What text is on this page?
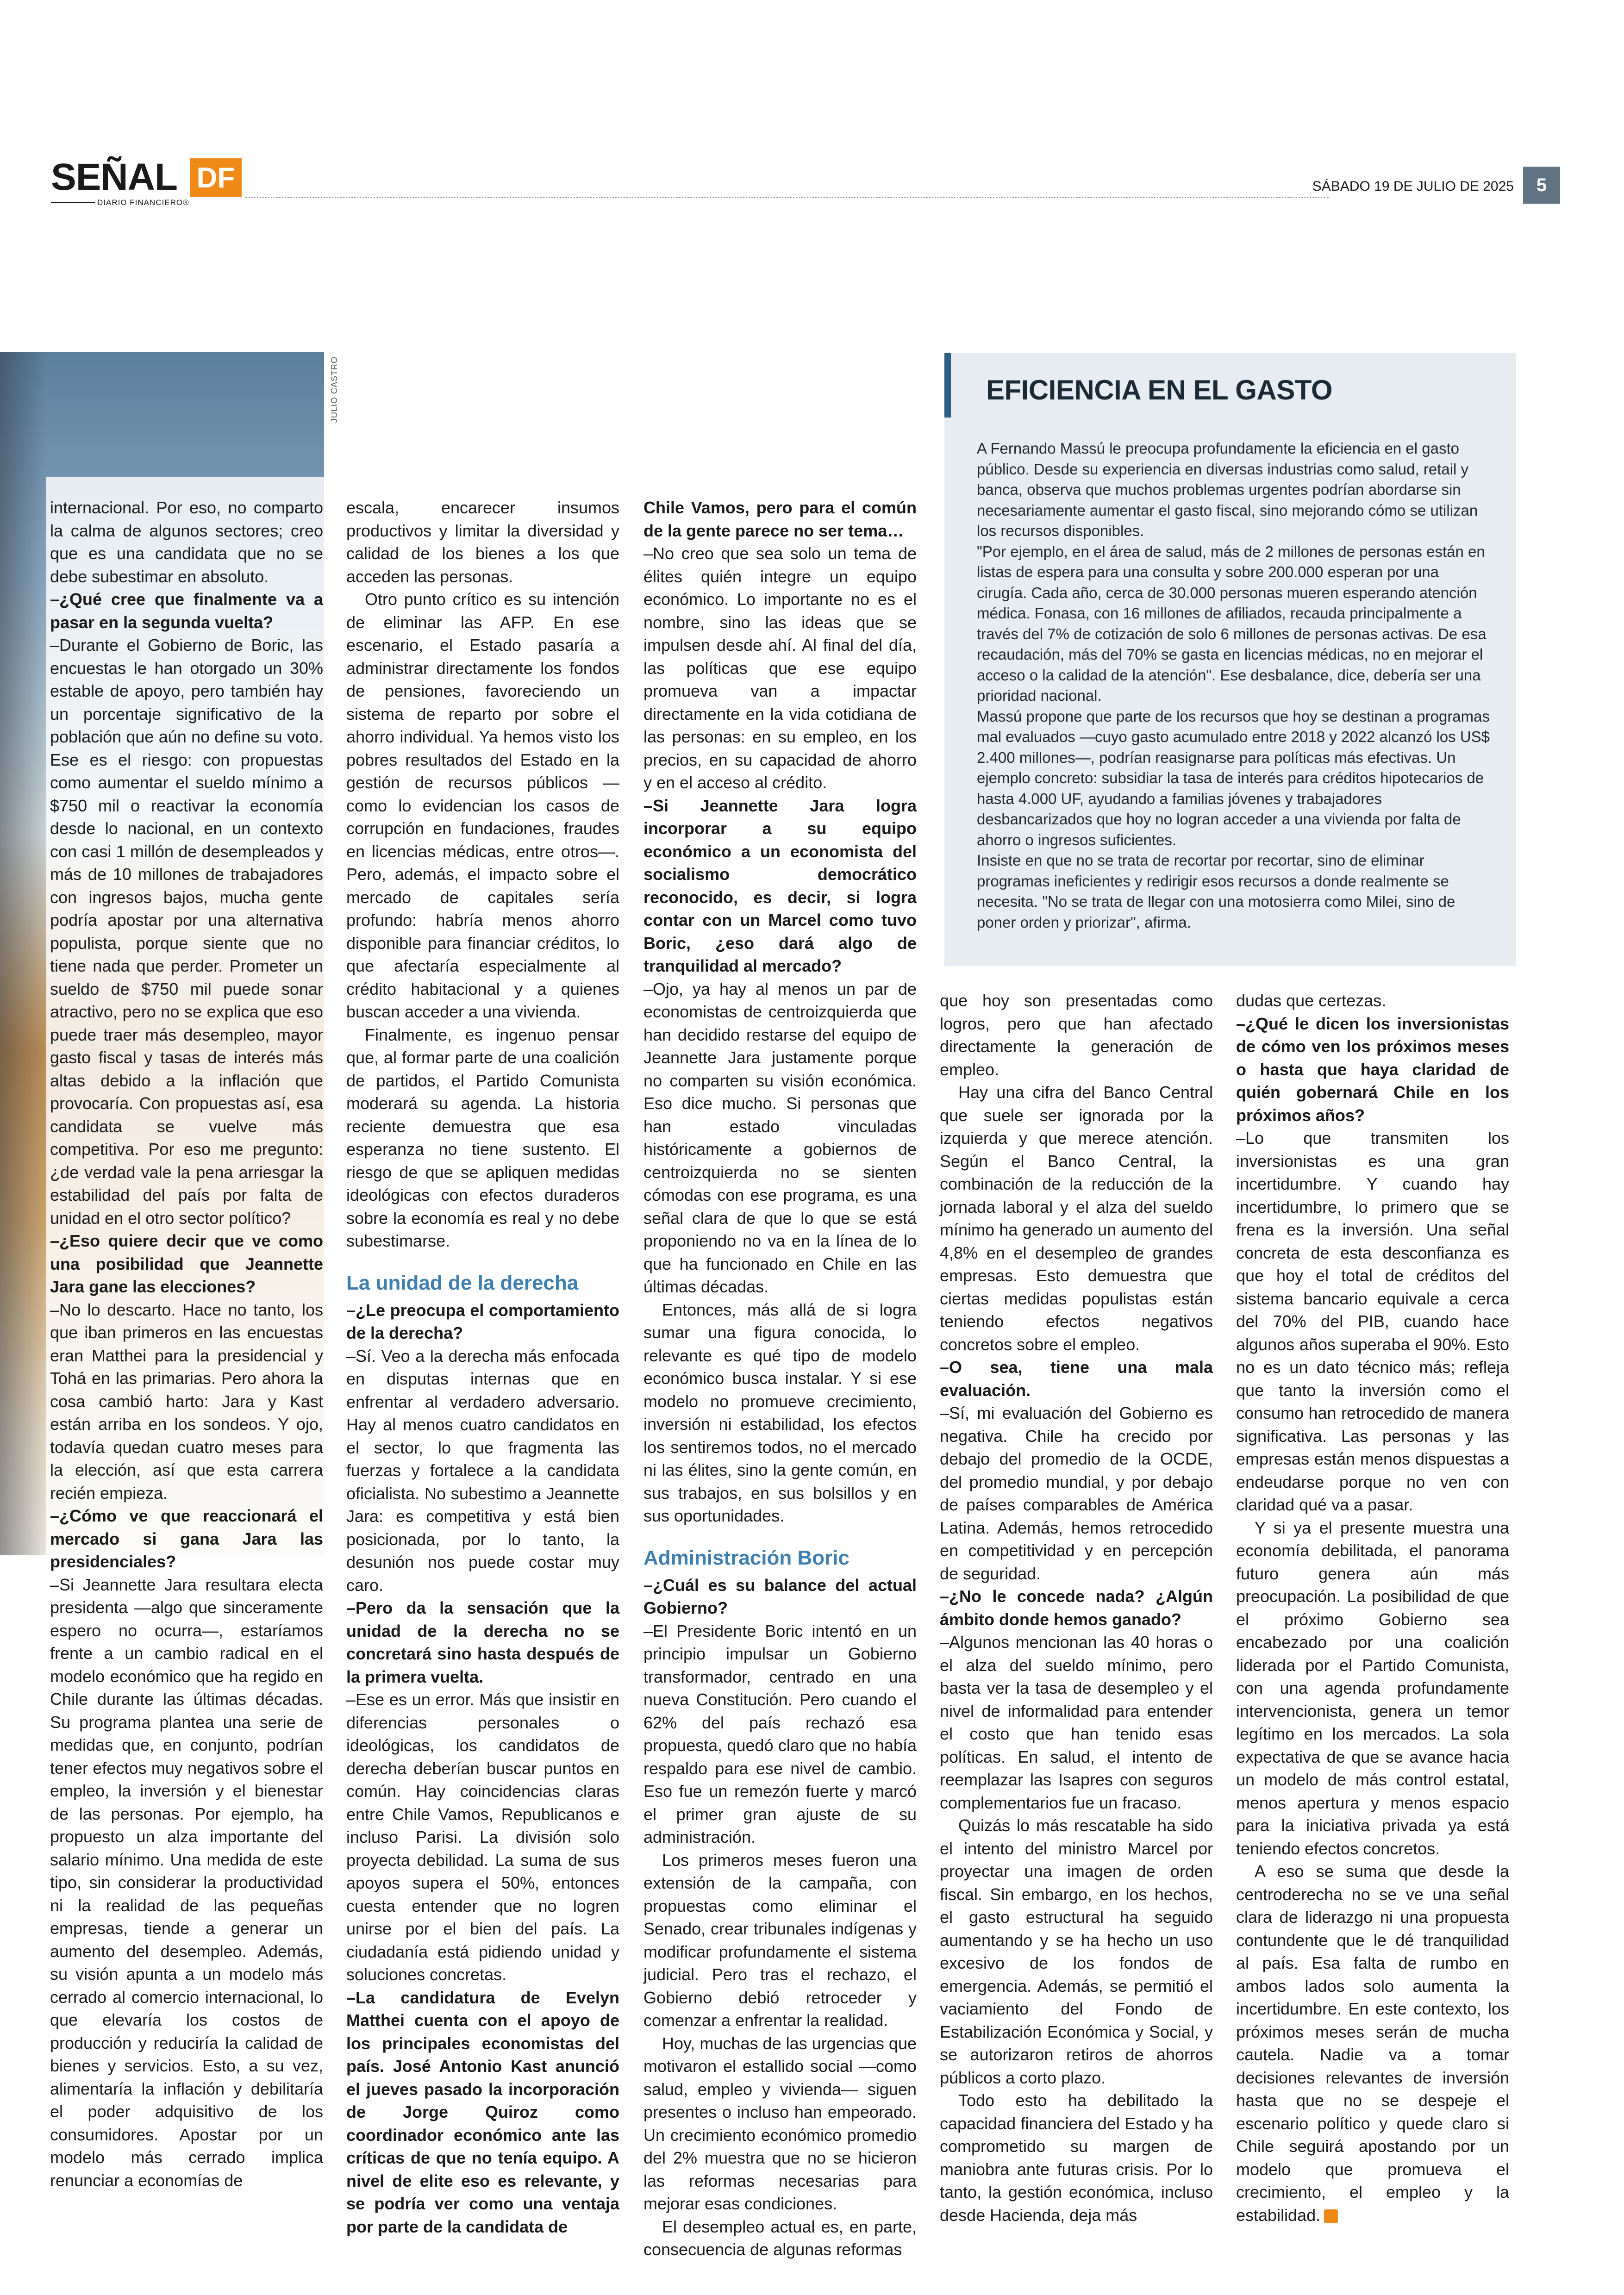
SEÑAL DF
DIARIO FINANCIERO®
SÁBADO 19 DE JULIO DE 2025	5
JULIO CASTRO

internacional. Por eso, no comparto la calma de algunos sectores; creo que es una candidata que no se debe subestimar en absoluto.

–¿Qué cree que finalmente va a pasar en la segunda vuelta?

–Durante el Gobierno de Boric, las encuestas le han otorgado un 30% estable de apoyo, pero también hay un porcentaje significativo de la población que aún no define su voto. Ese es el riesgo: con propuestas como aumentar el sueldo mínimo a $750 mil o reactivar la economía desde lo nacional, en un contexto con casi 1 millón de desempleados y más de 10 millones de trabajadores con ingresos bajos, mucha gente podría apostar por una alternativa populista, porque siente que no tiene nada que perder. Prometer un sueldo de $750 mil puede sonar atractivo, pero no se explica que eso puede traer más desempleo, mayor gasto fiscal y tasas de interés más altas debido a la inflación que provocaría. Con propuestas así, esa candidata se vuelve más competitiva. Por eso me pregunto: ¿de verdad vale la pena arriesgar la estabilidad del país por falta de unidad en el otro sector político?

–¿Eso quiere decir que ve como una posibilidad que Jeannette Jara gane las elecciones?

–No lo descarto. Hace no tanto, los que iban primeros en las encuestas eran Matthei para la presidencial y Tohá en las primarias. Pero ahora la cosa cambió harto: Jara y Kast están arriba en los sondeos. Y ojo, todavía quedan cuatro meses para la elección, así que esta carrera recién empieza.

–¿Cómo ve que reaccionará el mercado si gana Jara las presidenciales?

–Si Jeannette Jara resultara electa presidenta —algo que sinceramente espero no ocurra—, estaríamos frente a un cambio radical en el modelo económico que ha regido en Chile durante las últimas décadas. Su programa plantea una serie de medidas que, en conjunto, podrían tener efectos muy negativos sobre el empleo, la inversión y el bienestar de las personas. Por ejemplo, ha propuesto un alza importante del salario mínimo. Una medida de este tipo, sin considerar la productividad ni la realidad de las pequeñas empresas, tiende a generar un aumento del desempleo. Además, su visión apunta a un modelo más cerrado al comercio internacional, lo que elevaría los costos de producción y reduciría la calidad de bienes y servicios. Esto, a su vez, alimentaría la inflación y debilitaría el poder adquisitivo de los consumidores. Apostar por un modelo más cerrado implica renunciar a economías de

escala, encarecer insumos productivos y limitar la diversidad y calidad de los bienes a los que acceden las personas.

Otro punto crítico es su intención de eliminar las AFP. En ese escenario, el Estado pasaría a administrar directamente los fondos de pensiones, favoreciendo un sistema de reparto por sobre el ahorro individual. Ya hemos visto los pobres resultados del Estado en la gestión de recursos públicos —como lo evidencian los casos de corrupción en fundaciones, fraudes en licencias médicas, entre otros—. Pero, además, el impacto sobre el mercado de capitales sería profundo: habría menos ahorro disponible para financiar créditos, lo que afectaría especialmente al crédito habitacional y a quienes buscan acceder a una vivienda.

Finalmente, es ingenuo pensar que, al formar parte de una coalición de partidos, el Partido Comunista moderará su agenda. La historia reciente demuestra que esa esperanza no tiene sustento. El riesgo de que se apliquen medidas ideológicas con efectos duraderos sobre la economía es real y no debe subestimarse.

La unidad de la derecha

–¿Le preocupa el comportamiento de la derecha?

–Sí. Veo a la derecha más enfocada en disputas internas que en enfrentar al verdadero adversario. Hay al menos cuatro candidatos en el sector, lo que fragmenta las fuerzas y fortalece a la candidata oficialista. No subestimo a Jeannette Jara: es competitiva y está bien posicionada, por lo tanto, la desunión nos puede costar muy caro.

–Pero da la sensación que la unidad de la derecha no se concretará sino hasta después de la primera vuelta.

–Ese es un error. Más que insistir en diferencias personales o ideológicas, los candidatos de derecha deberían buscar puntos en común. Hay coincidencias claras entre Chile Vamos, Republicanos e incluso Parisi. La división solo proyecta debilidad. La suma de sus apoyos supera el 50%, entonces cuesta entender que no logren unirse por el bien del país. La ciudadanía está pidiendo unidad y soluciones concretas.

–La candidatura de Evelyn Matthei cuenta con el apoyo de los principales economistas del país. José Antonio Kast anunció el jueves pasado la incorporación de Jorge Quiroz como coordinador económico ante las críticas de que no tenía equipo. A nivel de elite eso es relevante, y se podría ver como una ventaja por parte de la candidata de

Chile Vamos, pero para el común de la gente parece no ser tema…

–No creo que sea solo un tema de élites quién integre un equipo económico. Lo importante no es el nombre, sino las ideas que se impulsen desde ahí. Al final del día, las políticas que ese equipo promueva van a impactar directamente en la vida cotidiana de las personas: en su empleo, en los precios, en su capacidad de ahorro y en el acceso al crédito.

–Si Jeannette Jara logra incorporar a su equipo económico a un economista del socialismo democrático reconocido, es decir, si logra contar con un Marcel como tuvo Boric, ¿eso dará algo de tranquilidad al mercado?

–Ojo, ya hay al menos un par de economistas de centroizquierda que han decidido restarse del equipo de Jeannette Jara justamente porque no comparten su visión económica. Eso dice mucho. Si personas que han estado vinculadas históricamente a gobiernos de centroizquierda no se sienten cómodas con ese programa, es una señal clara de que lo que se está proponiendo no va en la línea de lo que ha funcionado en Chile en las últimas décadas.

Entonces, más allá de si logra sumar una figura conocida, lo relevante es qué tipo de modelo económico busca instalar. Y si ese modelo no promueve crecimiento, inversión ni estabilidad, los efectos los sentiremos todos, no el mercado ni las élites, sino la gente común, en sus trabajos, en sus bolsillos y en sus oportunidades.

Administración Boric

–¿Cuál es su balance del actual Gobierno?

–El Presidente Boric intentó en un principio impulsar un Gobierno transformador, centrado en una nueva Constitución. Pero cuando el 62% del país rechazó esa propuesta, quedó claro que no había respaldo para ese nivel de cambio. Eso fue un remezón fuerte y marcó el primer gran ajuste de su administración.

Los primeros meses fueron una extensión de la campaña, con propuestas como eliminar el Senado, crear tribunales indígenas y modificar profundamente el sistema judicial. Pero tras el rechazo, el Gobierno debió retroceder y comenzar a enfrentar la realidad.

Hoy, muchas de las urgencias que motivaron el estallido social —como salud, empleo y vivienda— siguen presentes o incluso han empeorado. Un crecimiento económico promedio del 2% muestra que no se hicieron las reformas necesarias para mejorar esas condiciones.

El desempleo actual es, en parte, consecuencia de algunas reformas

EFICIENCIA EN EL GASTO

A Fernando Massú le preocupa profundamente la eficiencia en el gasto público. Desde su experiencia en diversas industrias como salud, retail y banca, observa que muchos problemas urgentes podrían abordarse sin necesariamente aumentar el gasto fiscal, sino mejorando cómo se utilizan los recursos disponibles.

"Por ejemplo, en el área de salud, más de 2 millones de personas están en listas de espera para una consulta y sobre 200.000 esperan por una cirugía. Cada año, cerca de 30.000 personas mueren esperando atención médica. Fonasa, con 16 millones de afiliados, recauda principalmente a través del 7% de cotización de solo 6 millones de personas activas. De esa recaudación, más del 70% se gasta en licencias médicas, no en mejorar el acceso o la calidad de la atención". Ese desbalance, dice, debería ser una prioridad nacional.

Massú propone que parte de los recursos que hoy se destinan a programas mal evaluados —cuyo gasto acumulado entre 2018 y 2022 alcanzó los US$ 2.400 millones—, podrían reasignarse para políticas más efectivas. Un ejemplo concreto: subsidiar la tasa de interés para créditos hipotecarios de hasta 4.000 UF, ayudando a familias jóvenes y trabajadores desbancarizados que hoy no logran acceder a una vivienda por falta de ahorro o ingresos suficientes.

Insiste en que no se trata de recortar por recortar, sino de eliminar programas ineficientes y redirigir esos recursos a donde realmente se necesita. "No se trata de llegar con una motosierra como Milei, sino de poner orden y priorizar", afirma.

que hoy son presentadas como logros, pero que han afectado directamente la generación de empleo.

Hay una cifra del Banco Central que suele ser ignorada por la izquierda y que merece atención. Según el Banco Central, la combinación de la reducción de la jornada laboral y el alza del sueldo mínimo ha generado un aumento del 4,8% en el desempleo de grandes empresas. Esto demuestra que ciertas medidas populistas están teniendo efectos negativos concretos sobre el empleo.

–O sea, tiene una mala evaluación.

–Sí, mi evaluación del Gobierno es negativa. Chile ha crecido por debajo del promedio de la OCDE, del promedio mundial, y por debajo de países comparables de América Latina. Además, hemos retrocedido en competitividad y en percepción de seguridad.

–¿No le concede nada? ¿Algún ámbito donde hemos ganado?

–Algunos mencionan las 40 horas o el alza del sueldo mínimo, pero basta ver la tasa de desempleo y el nivel de informalidad para entender el costo que han tenido esas políticas. En salud, el intento de reemplazar las Isapres con seguros complementarios fue un fracaso.

Quizás lo más rescatable ha sido el intento del ministro Marcel por proyectar una imagen de orden fiscal. Sin embargo, en los hechos, el gasto estructural ha seguido aumentando y se ha hecho un uso excesivo de los fondos de emergencia. Además, se permitió el vaciamiento del Fondo de Estabilización Económica y Social, y se autorizaron retiros de ahorros públicos a corto plazo.

Todo esto ha debilitado la capacidad financiera del Estado y ha comprometido su margen de maniobra ante futuras crisis. Por lo tanto, la gestión económica, incluso desde Hacienda, deja más

dudas que certezas.

–¿Qué le dicen los inversionistas de cómo ven los próximos meses o hasta que haya claridad de quién gobernará Chile en los próximos años?

–Lo que transmiten los inversionistas es una gran incertidumbre. Y cuando hay incertidumbre, lo primero que se frena es la inversión. Una señal concreta de esta desconfianza es que hoy el total de créditos del sistema bancario equivale a cerca del 70% del PIB, cuando hace algunos años superaba el 90%. Esto no es un dato técnico más; refleja que tanto la inversión como el consumo han retrocedido de manera significativa. Las personas y las empresas están menos dispuestas a endeudarse porque no ven con claridad qué va a pasar.

Y si ya el presente muestra una economía debilitada, el panorama futuro genera aún más preocupación. La posibilidad de que el próximo Gobierno sea encabezado por una coalición liderada por el Partido Comunista, con una agenda profundamente intervencionista, genera un temor legítimo en los mercados. La sola expectativa de que se avance hacia un modelo de más control estatal, menos apertura y menos espacio para la iniciativa privada ya está teniendo efectos concretos.

A eso se suma que desde la centroderecha no se ve una señal clara de liderazgo ni una propuesta contundente que le dé tranquilidad al país. Esa falta de rumbo en ambos lados solo aumenta la incertidumbre. En este contexto, los próximos meses serán de mucha cautela. Nadie va a tomar decisiones relevantes de inversión hasta que no se despeje el escenario político y quede claro si Chile seguirá apostando por un modelo que promueva el crecimiento, el empleo y la estabilidad.
